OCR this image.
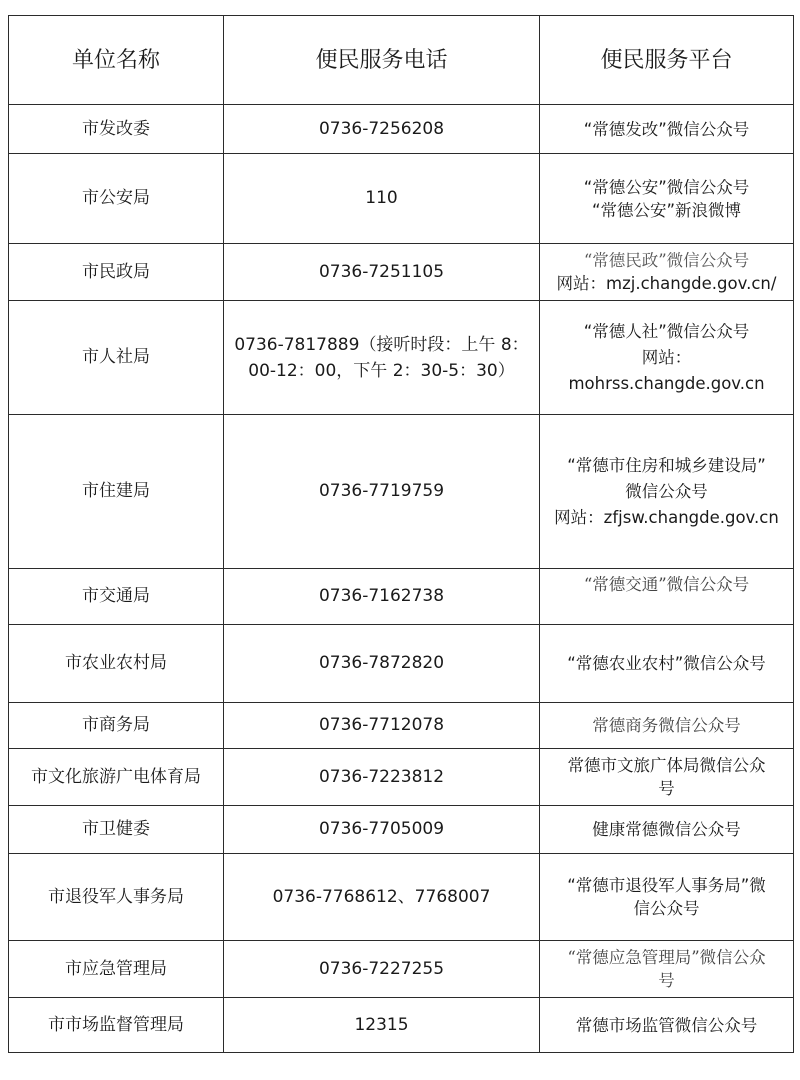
单位名称	便民服务电话	便民服务平台
市发改委	0736-7256208	“常德发改”微信公众号

市公安局	110	“常德公安”微信公众号
“常德公安”新浪微博

市民政局	0736-7251105	“常德民政”微信公众号
网站：mzj.changde.gov.cn/

市人社局	0736-7817889（接听时段：上午 8：
00-12：00，下午 2：30-5：30）	“常德人社”微信公众号
网站：
mohrss.changde.gov.cn

市住建局	0736-7719759	“常德市住房和城乡建设局”
微信公众号
网站：zfjsw.changde.gov.cn

市交通局	0736-7162738	“常德交通”微信公众号

市农业农村局	0736-7872820	“常德农业农村”微信公众号

市商务局	0736-7712078	常德商务微信公众号

市文化旅游广电体育局	0736-7223812	常德市文旅广体局微信公众
号

市卫健委	0736-7705009	健康常德微信公众号

市退役军人事务局	0736-7768612、7768007	“常德市退役军人事务局”微
信公众号

市应急管理局	0736-7227255	“常德应急管理局”微信公众
号

市市场监督管理局	12315	常德市场监管微信公众号
